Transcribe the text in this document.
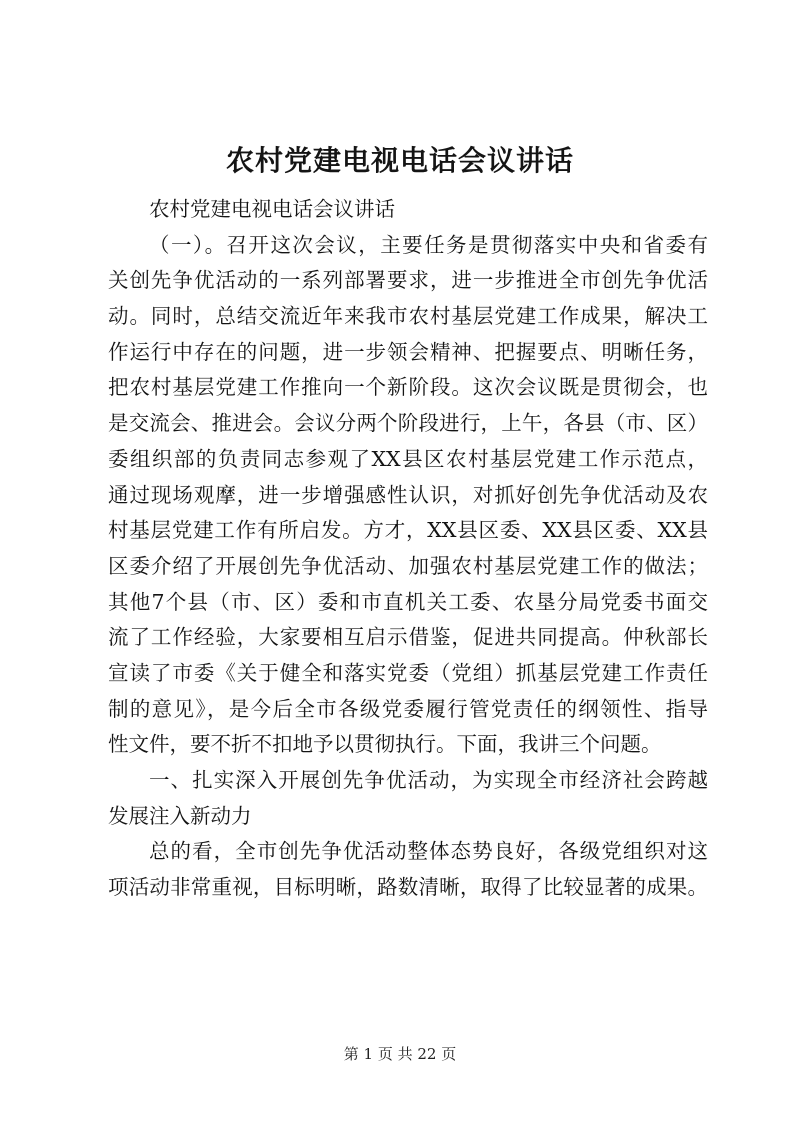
农村党建电视电话会议讲话
农村党建电视电话会议讲话
（一）。召开这次会议，主要任务是贯彻落实中央和省委有
关创先争优活动的一系列部署要求，进一步推进全市创先争优活
动。同时，总结交流近年来我市农村基层党建工作成果，解决工
作运行中存在的问题，进一步领会精神、把握要点、明晰任务，
把农村基层党建工作推向一个新阶段。这次会议既是贯彻会，也
是交流会、推进会。会议分两个阶段进行，上午，各县（市、区）
委组织部的负责同志参观了XX县区农村基层党建工作示范点，
通过现场观摩，进一步增强感性认识，对抓好创先争优活动及农
村基层党建工作有所启发。方才，XX县区委、XX县区委、XX县
区委介绍了开展创先争优活动、加强农村基层党建工作的做法；
其他7个县（市、区）委和市直机关工委、农垦分局党委书面交
流了工作经验，大家要相互启示借鉴，促进共同提高。仲秋部长
宣读了市委《关于健全和落实党委（党组）抓基层党建工作责任
制的意见》，是今后全市各级党委履行管党责任的纲领性、指导
性文件，要不折不扣地予以贯彻执行。下面，我讲三个问题。
一、扎实深入开展创先争优活动，为实现全市经济社会跨越
发展注入新动力
总的看，全市创先争优活动整体态势良好，各级党组织对这
项活动非常重视，目标明晰，路数清晰，取得了比较显著的成果。
第 1 页 共 22 页
